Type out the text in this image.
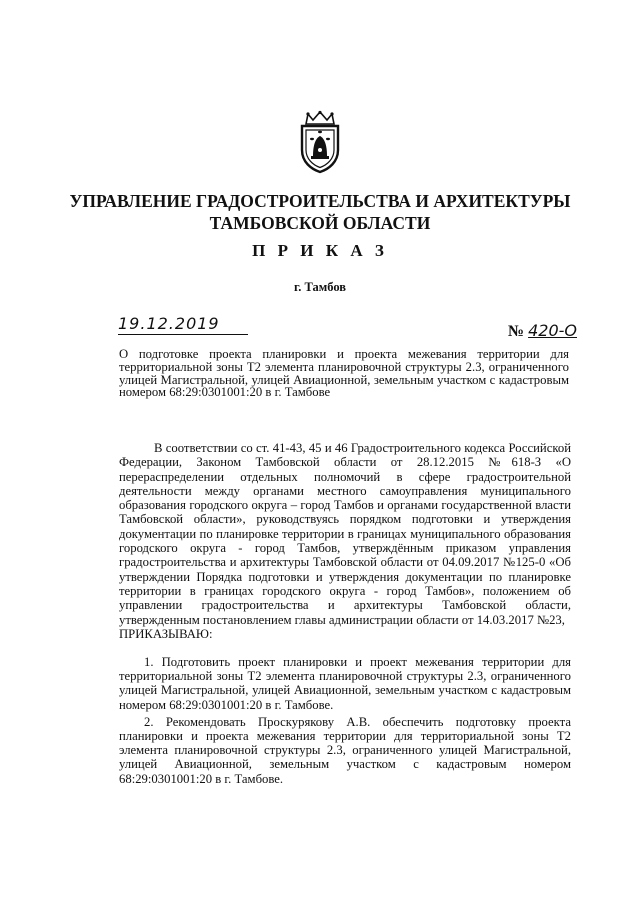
УПРАВЛЕНИЕ ГРАДОСТРОИТЕЛЬСТВА И АРХИТЕКТУРЫ
ТАМБОВСКОЙ ОБЛАСТИ
П Р И К А З
г. Тамбов
19.12.2019	№ 420-О
О подготовке проекта планировки и проекта межевания территории для территориальной зоны Т2 элемента планировочной структуры 2.3, ограниченного улицей Магистральной, улицей Авиационной, земельным участком с кадастровым номером 68:29:0301001:20 в г. Тамбове
В соответствии со ст. 41-43, 45 и 46 Градостроительного кодекса Российской Федерации, Законом Тамбовской области от 28.12.2015 №618-З «О перераспределении отдельных полномочий в сфере градостроительной деятельности между органами местного самоуправления муниципального образования городского округа – город Тамбов и органами государственной власти Тамбовской области», руководствуясь порядком подготовки и утверждения документации по планировке территории в границах муниципального образования городского округа - город Тамбов, утверждённым приказом управления градостроительства и архитектуры Тамбовской области от 04.09.2017 №125-0 «Об утверждении Порядка подготовки и утверждения документации по планировке территории в границах городского округа - город Тамбов», положением об управлении градостроительства и архитектуры Тамбовской области, утвержденным постановлением главы администрации области от 14.03.2017 №23,
ПРИКАЗЫВАЮ:

1. Подготовить проект планировки и проект межевания территории для территориальной зоны Т2 элемента планировочной структуры 2.3, ограниченного улицей Магистральной, улицей Авиационной, земельным участком с кадастровым номером 68:29:0301001:20 в г. Тамбове.

2. Рекомендовать Проскурякову А.В. обеспечить подготовку проекта планировки и проекта межевания территории для территориальной зоны Т2 элемента планировочной структуры 2.3, ограниченного улицей Магистральной, улицей Авиационной, земельным участком с кадастровым номером 68:29:0301001:20 в г. Тамбове.
